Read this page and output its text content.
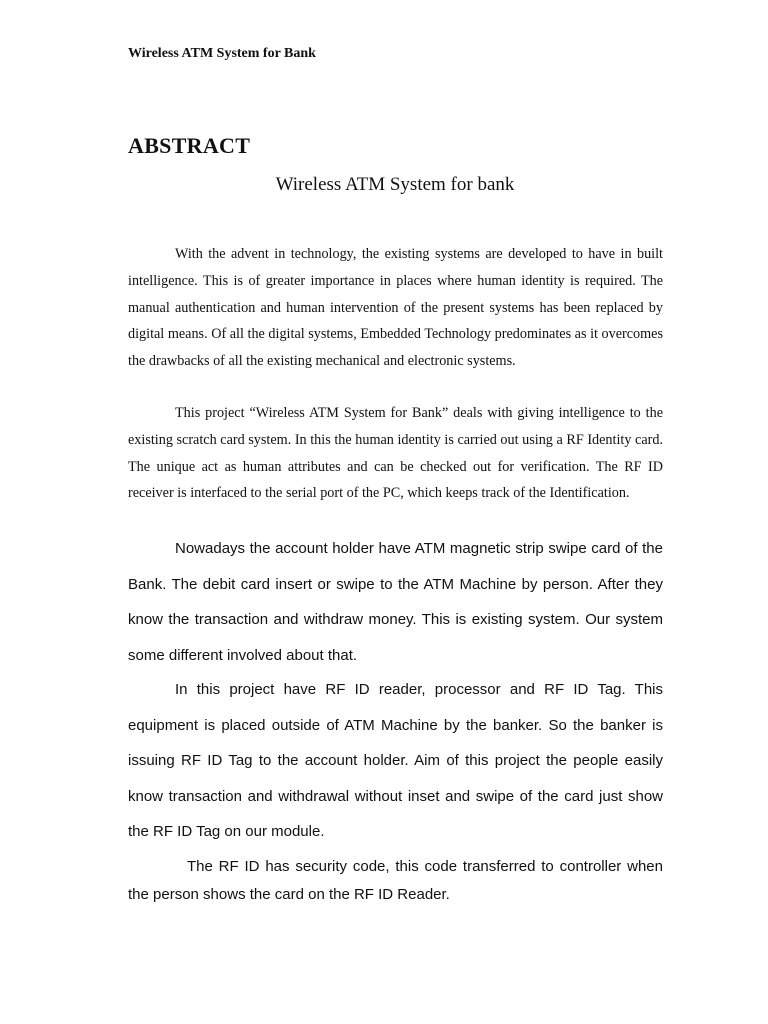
Wireless ATM System for Bank
ABSTRACT
Wireless ATM System for bank

With the advent in technology, the existing systems are developed to have in built intelligence. This is of greater importance in places where human identity is required. The manual authentication and human intervention of the present systems has been replaced by digital means. Of all the digital systems, Embedded Technology predominates as it overcomes the drawbacks of all the existing mechanical and electronic systems.

This project “Wireless ATM System for Bank” deals with giving intelligence to the existing scratch card system. In this the human identity is carried out using a RF Identity card. The unique act as human attributes and can be checked out for verification. The RF ID receiver is interfaced to the serial port of the PC, which keeps track of the Identification.

Nowadays the account holder have ATM magnetic strip swipe card of the Bank. The debit card insert or swipe to the ATM Machine by person. After they know the transaction and withdraw money. This is existing system. Our system some different involved about that.

In this project have RF ID reader, processor and RF ID Tag. This equipment is placed outside of ATM Machine by the banker. So the banker is issuing RF ID Tag to the account holder. Aim of this project the people easily know transaction and withdrawal without inset and swipe of the card just show the RF ID Tag on our module.

The RF ID has security code, this code transferred to controller when the person shows the card on the RF ID Reader.
